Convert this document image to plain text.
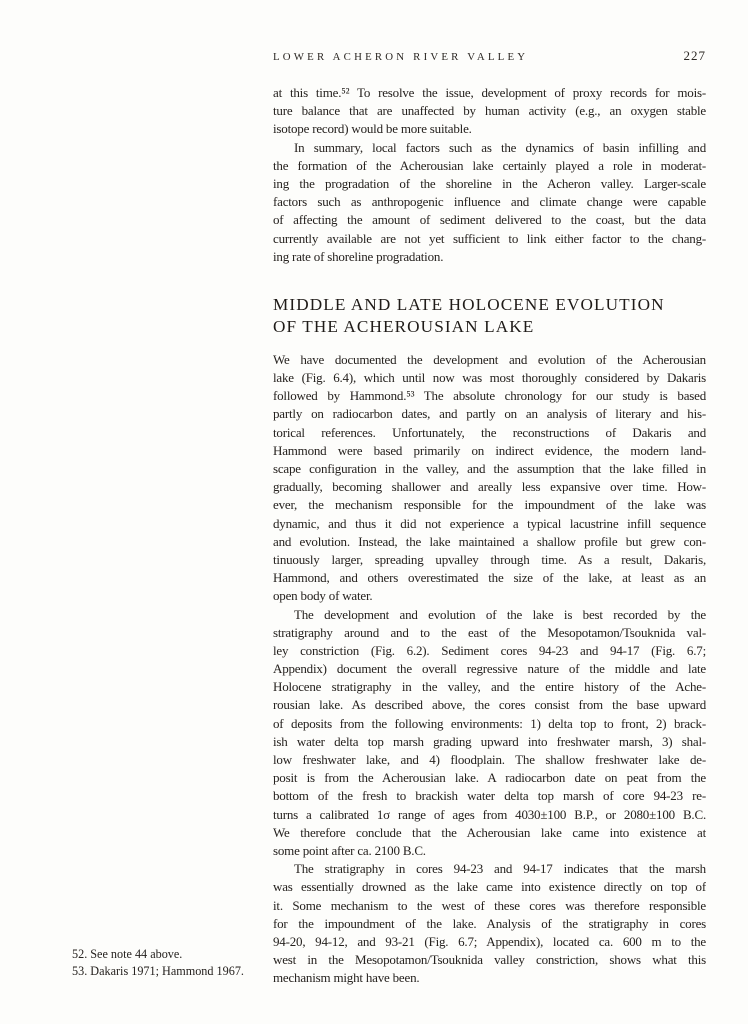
LOWER ACHERON RIVER VALLEY	227
at this time.⁵² To resolve the issue, development of proxy records for mois-
ture balance that are unaffected by human activity (e.g., an oxygen stable
isotope record) would be more suitable.
In summary, local factors such as the dynamics of basin infilling and
the formation of the Acherousian lake certainly played a role in moderat-
ing the progradation of the shoreline in the Acheron valley. Larger-scale
factors such as anthropogenic influence and climate change were capable
of affecting the amount of sediment delivered to the coast, but the data
currently available are not yet sufficient to link either factor to the chang-
ing rate of shoreline progradation.
MIDDLE AND LATE HOLOCENE EVOLUTION
OF THE ACHEROUSIAN LAKE
We have documented the development and evolution of the Acherousian
lake (Fig. 6.4), which until now was most thoroughly considered by Dakaris
followed by Hammond.⁵³ The absolute chronology for our study is based
partly on radiocarbon dates, and partly on an analysis of literary and his-
torical references. Unfortunately, the reconstructions of Dakaris and
Hammond were based primarily on indirect evidence, the modern land-
scape configuration in the valley, and the assumption that the lake filled in
gradually, becoming shallower and areally less expansive over time. How-
ever, the mechanism responsible for the impoundment of the lake was
dynamic, and thus it did not experience a typical lacustrine infill sequence
and evolution. Instead, the lake maintained a shallow profile but grew con-
tinuously larger, spreading upvalley through time. As a result, Dakaris,
Hammond, and others overestimated the size of the lake, at least as an
open body of water.
The development and evolution of the lake is best recorded by the
stratigraphy around and to the east of the Mesopotamon/Tsouknida val-
ley constriction (Fig. 6.2). Sediment cores 94-23 and 94-17 (Fig. 6.7;
Appendix) document the overall regressive nature of the middle and late
Holocene stratigraphy in the valley, and the entire history of the Ache-
rousian lake. As described above, the cores consist from the base upward
of deposits from the following environments: 1) delta top to front, 2) brack-
ish water delta top marsh grading upward into freshwater marsh, 3) shal-
low freshwater lake, and 4) floodplain. The shallow freshwater lake de-
posit is from the Acherousian lake. A radiocarbon date on peat from the
bottom of the fresh to brackish water delta top marsh of core 94-23 re-
turns a calibrated 1σ range of ages from 4030±100 B.P., or 2080±100 B.C.
We therefore conclude that the Acherousian lake came into existence at
some point after ca. 2100 B.C.
The stratigraphy in cores 94-23 and 94-17 indicates that the marsh
was essentially drowned as the lake came into existence directly on top of
it. Some mechanism to the west of these cores was therefore responsible
for the impoundment of the lake. Analysis of the stratigraphy in cores
94-20, 94-12, and 93-21 (Fig. 6.7; Appendix), located ca. 600 m to the
west in the Mesopotamon/Tsouknida valley constriction, shows what this
mechanism might have been.
52. See note 44 above.
53. Dakaris 1971; Hammond 1967.
